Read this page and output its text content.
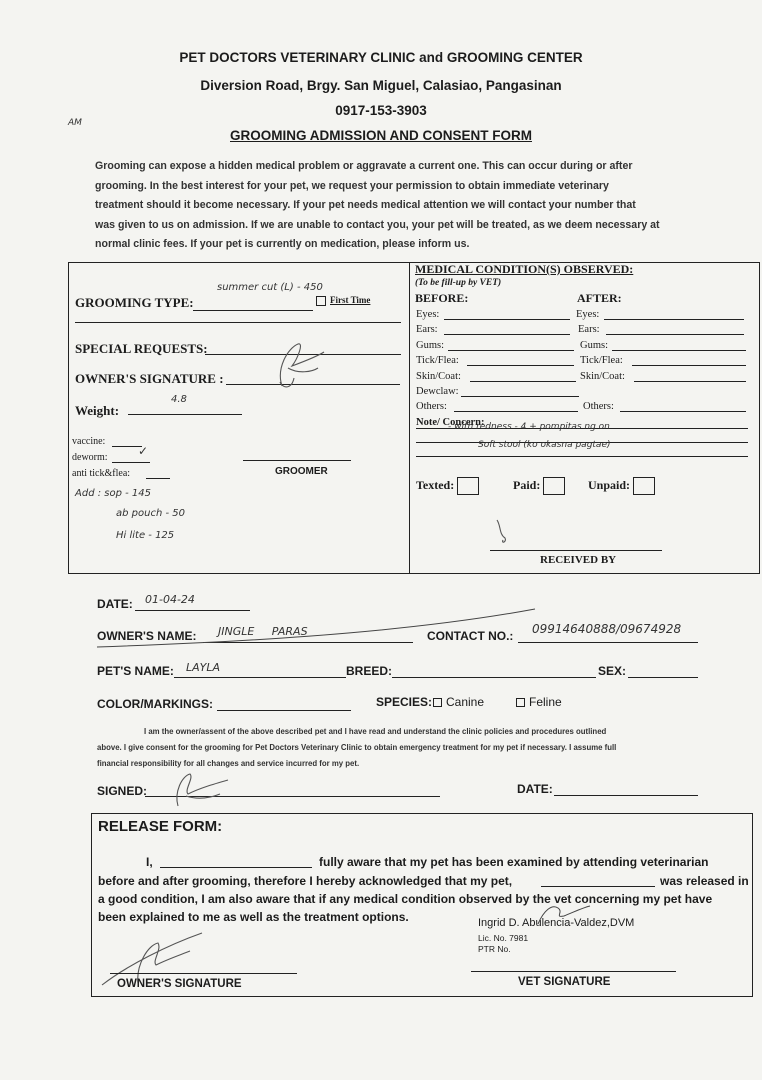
PET DOCTORS VETERINARY CLINIC and GROOMING CENTER
Diversion Road, Brgy. San Miguel, Calasiao, Pangasinan
0917-153-3903
GROOMING ADMISSION AND CONSENT FORM
AM
Grooming can expose a hidden medical problem or aggravate a current one. This can occur during or after
grooming. In the best interest for your pet, we request your permission to obtain immediate veterinary
treatment should it become necessary. If your pet needs medical attention we will contact your number that
was given to us on admission. If we are unable to contact you, your pet will be treated, as we deem necessary at
normal clinic fees. If your pet is currently on medication, please inform us.
GROOMING TYPE:
summer cut (L) - 450
First Time
SPECIAL REQUESTS:
OWNER'S SIGNATURE :
Weight:
4.8
vaccine:
deworm:	✓
anti tick&flea:	GROOMER
Add : sop - 145
ab pouch - 50
Hi lite - 125
MEDICAL CONDITION(S) OBSERVED:
(To be fill-up by VET)
BEFORE:	AFTER:
Eyes:	Eyes:
Ears:	Ears:
Gums:	Gums:
Tick/Flea:	Tick/Flea:
Skin/Coat:	Skin/Coat:
Dewclaw:
Others:	Others:
Note/ Concern:
- with redness - 4 + pompitas ng on
Soft stool (ko okasna pagtae)
Texted:	Paid:	Unpaid:
RECEIVED BY
DATE: 01-04-24
OWNER'S NAME: JINGLE     PARAS	CONTACT NO.: 09914640888/09674928
PET'S NAME: LAYLA	BREED:	SEX:
COLOR/MARKINGS:	SPECIES:	Canine	Feline
I am the owner/assent of the above described pet and I have read and understand the clinic policies and procedures outlined
above. I give consent for the grooming for Pet Doctors Veterinary Clinic to obtain emergency treatment for my pet if necessary. I assume full
financial responsibility for all changes and service incurred for my pet.
SIGNED:	DATE:
RELEASE FORM:
I,	fully aware that my pet has been examined by attending veterinarian
before and after grooming, therefore I hereby acknowledged that my pet,	was released in
a good condition, I am also aware that if any medical condition observed by the vet concerning my pet have
been explained to me as well as the treatment options.	Ingrid D. Abulencia-Valdez,DVM
Lic. No. 7981
PTR No.
OWNER'S SIGNATURE	VET SIGNATURE
